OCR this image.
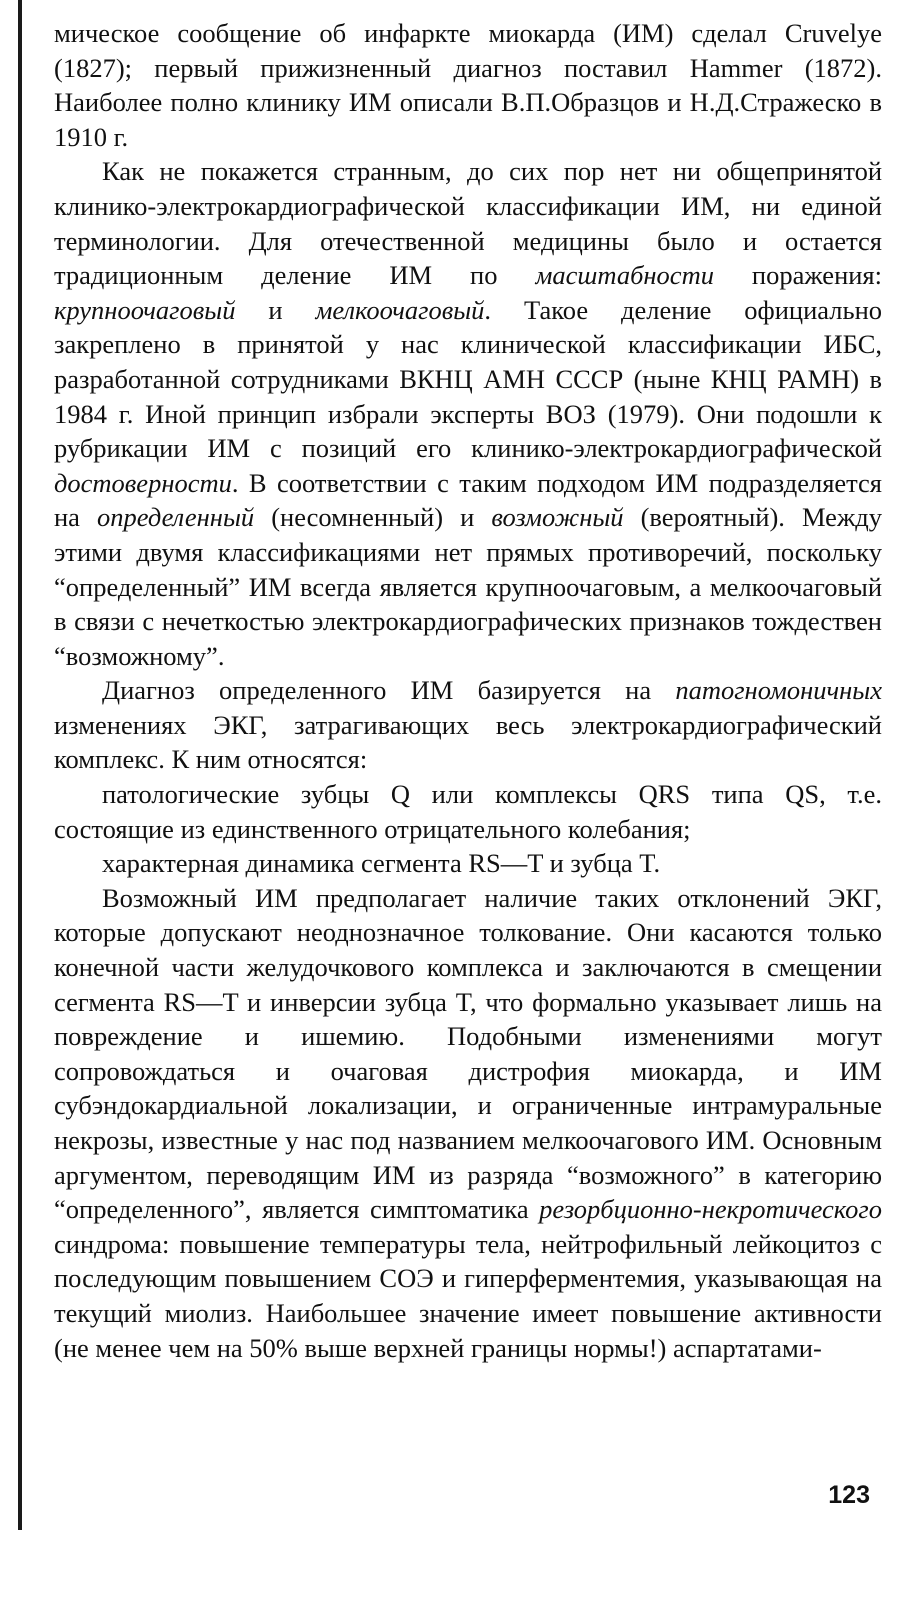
мическое сообщение об инфаркте миокарда (ИМ) сделал Cruvelye (1827); первый прижизненный диагноз поставил Hammer (1872). Наиболее полно клинику ИМ описали В.П.Образцов и Н.Д.Стражеско в 1910 г.

Как не покажется странным, до сих пор нет ни общепринятой клинико-электрокардиографической классификации ИМ, ни единой терминологии. Для отечественной медицины было и остается традиционным деление ИМ по масштабности поражения: крупноочаговый и мелкоочаговый. Такое деление официально закреплено в принятой у нас клинической классификации ИБС, разработанной сотрудниками ВКНЦ АМН СССР (ныне КНЦ РАМН) в 1984 г. Иной принцип избрали эксперты ВОЗ (1979). Они подошли к рубрикации ИМ с позиций его клинико-электрокардиографической достоверности. В соответствии с таким подходом ИМ подразделяется на определенный (несомненный) и возможный (вероятный). Между этими двумя классификациями нет прямых противоречий, поскольку “определенный” ИМ всегда является крупноочаговым, а мелкоочаговый в связи с нечеткостью электрокардиографических признаков тождествен “возможному”.

Диагноз определенного ИМ базируется на патогномоничных изменениях ЭКГ, затрагивающих весь электрокардиографический комплекс. К ним относятся:

патологические зубцы Q или комплексы QRS типа QS, т.е. состоящие из единственного отрицательного колебания;

характерная динамика сегмента RS—T и зубца T.

Возможный ИМ предполагает наличие таких отклонений ЭКГ, которые допускают неоднозначное толкование. Они касаются только конечной части желудочкового комплекса и заключаются в смещении сегмента RS—T и инверсии зубца T, что формально указывает лишь на повреждение и ишемию. Подобными изменениями могут сопровождаться и очаговая дистрофия миокарда, и ИМ субэндокардиальной локализации, и ограниченные интрамуральные некрозы, известные у нас под названием мелкоочагового ИМ. Основным аргументом, переводящим ИМ из разряда “возможного” в категорию “определенного”, является симптоматика резорбционно-некротического синдрома: повышение температуры тела, нейтрофильный лейкоцитоз с последующим повышением СОЭ и гиперферментемия, указывающая на текущий миолиз. Наибольшее значение имеет повышение активности (не менее чем на 50% выше верхней границы нормы!) аспартатами-

123
